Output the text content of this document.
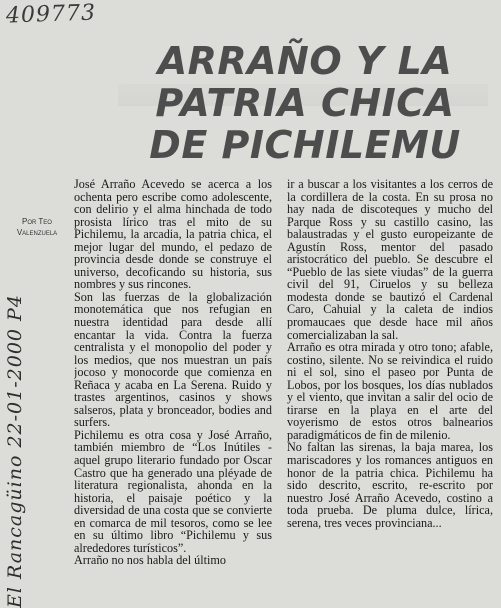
409773
ARRAÑO Y LA
PATRIA CHICA
DE PICHILEMU
Por Teo
Valenzuela
El Rancagüino 22-01-2000 P4

José Arraño Acevedo se acerca a los ochenta pero escribe como adolescente, con delirio y el alma hinchada de todo prosista lírico tras el mito de su Pichilemu, la arcadia, la patria chica, el mejor lugar del mundo, el pedazo de provincia desde donde se construye el universo, decoficando su historia, sus nombres y sus rincones.

Son las fuerzas de la globalización monotemática que nos refugian en nuestra identidad para desde allí encantar la vida. Contra la fuerza centralista y el monopolio del poder y los medios, que nos muestran un país jocoso y monocorde que comienza en Reñaca y acaba en La Serena. Ruido y trastes argentinos, casinos y shows salseros, plata y bronceador, bodies and surfers.

Pichilemu es otra cosa y José Arraño, también miembro de “Los Inútiles - aquel grupo literario fundado por Oscar Castro que ha generado una pléyade de literatura regionalista, ahonda en la historia, el paisaje poético y la diversidad de una costa que se convierte en comarca de mil tesoros, como se lee en su último libro “Pichilemu y sus alrededores turísticos”.

Arraño no nos habla del último

ir a buscar a los visitantes a los cerros de la cordillera de la costa. En su prosa no hay nada de discoteques y mucho del Parque Ross y su castillo casino, las balaustradas y el gusto europeizante de Agustín Ross, mentor del pasado aristocrático del pueblo. Se descubre el “Pueblo de las siete viudas” de la guerra civil del 91, Ciruelos y su belleza modesta donde se bautizó el Cardenal Caro, Cahuial y la caleta de indios promaucaes que desde hace mil años comercializaban la sal.

Arraño es otra mirada y otro tono; afable, costino, silente. No se reivindica el ruido ni el sol, sino el paseo por Punta de Lobos, por los bosques, los días nublados y el viento, que invitan a salir del ocio de tirarse en la playa en el arte del voyerismo de estos otros balnearios paradigmáticos de fin de milenio.

No faltan las sirenas, la baja marea, los mariscadores y los romances antiguos en honor de la patria chica. Pichilemu ha sido descrito, escrito, re-escrito por nuestro José Arraño Acevedo, costino a toda prueba. De pluma dulce, lírica, serena, tres veces provinciana...
